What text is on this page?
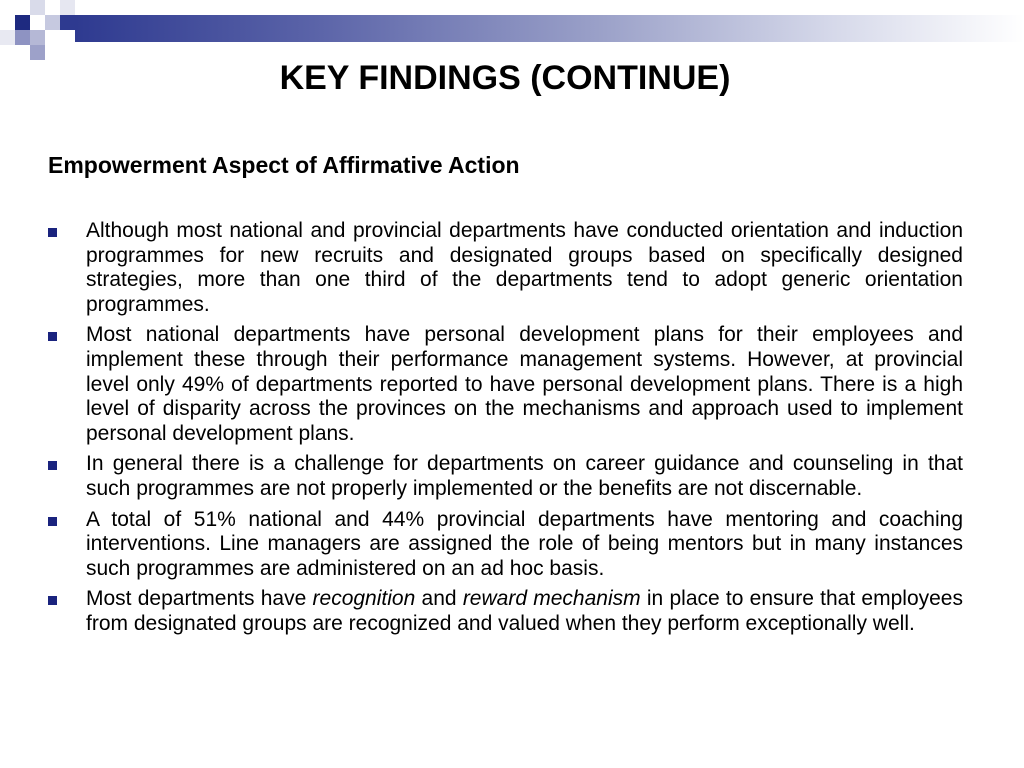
KEY FINDINGS (CONTINUE)
Empowerment Aspect of Affirmative Action
Although most national and provincial departments have conducted orientation and induction programmes for new recruits and designated groups based on specifically designed strategies, more than one third of the departments tend to adopt generic orientation programmes.
Most national departments have personal development plans for their employees and implement these through their performance management systems. However, at provincial level only 49% of departments reported to have personal development plans. There is a high level of disparity across the provinces on the mechanisms and approach used to implement personal development plans.
In general there is a challenge for departments on career guidance and counseling in that such programmes are not properly implemented or the benefits are not discernable.
A total of 51% national and 44% provincial departments have mentoring and coaching interventions. Line managers are assigned the role of being mentors but in many instances such programmes are administered on an ad hoc basis.
Most departments have recognition and reward mechanism in place to ensure that employees from designated groups are recognized and valued when they perform exceptionally well.
